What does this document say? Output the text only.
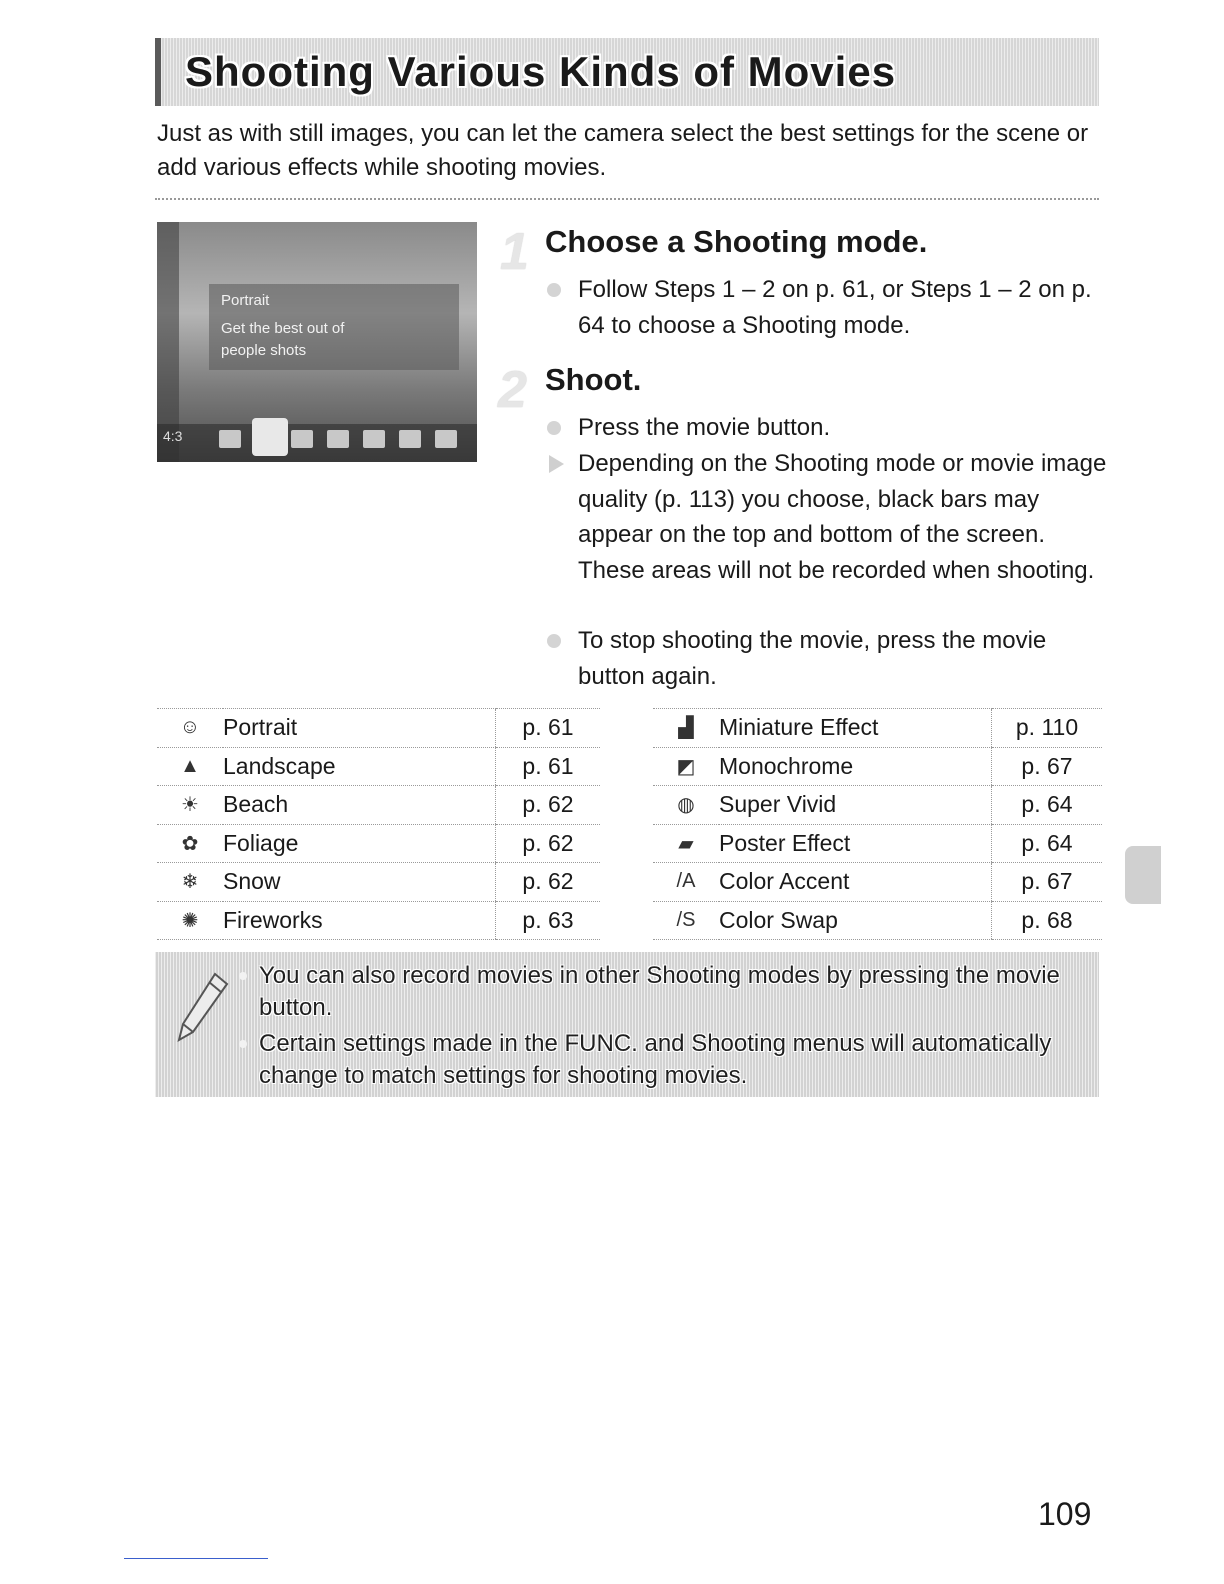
Shooting Various Kinds of Movies

Just as with still images, you can let the camera select the best settings for the scene or add various effects while shooting movies.

Portrait
Get the best out of
people shots
4:3
1 Choose a Shooting mode.
Follow Steps 1 – 2 on p. 61, or Steps 1 – 2 on p. 64 to choose a Shooting mode.
2 Shoot.
Press the movie button.
Depending on the Shooting mode or movie image quality (p. 113) you choose, black bars may appear on the top and bottom of the screen. These areas will not be recorded when shooting.
To stop shooting the movie, press the movie button again.
☺	Portrait	p. 61
▲	Landscape	p. 61
☀	Beach	p. 62
✿	Foliage	p. 62
❄	Snow	p. 62
✺	Fireworks	p. 63
▟	Miniature Effect	p. 110
◩	Monochrome	p. 67
◍	Super Vivid	p. 64
▰	Poster Effect	p. 64
/A	Color Accent	p. 67
/S	Color Swap	p. 68
You can also record movies in other Shooting modes by pressing the movie button.
Certain settings made in the FUNC. and Shooting menus will automatically change to match settings for shooting movies.
109
